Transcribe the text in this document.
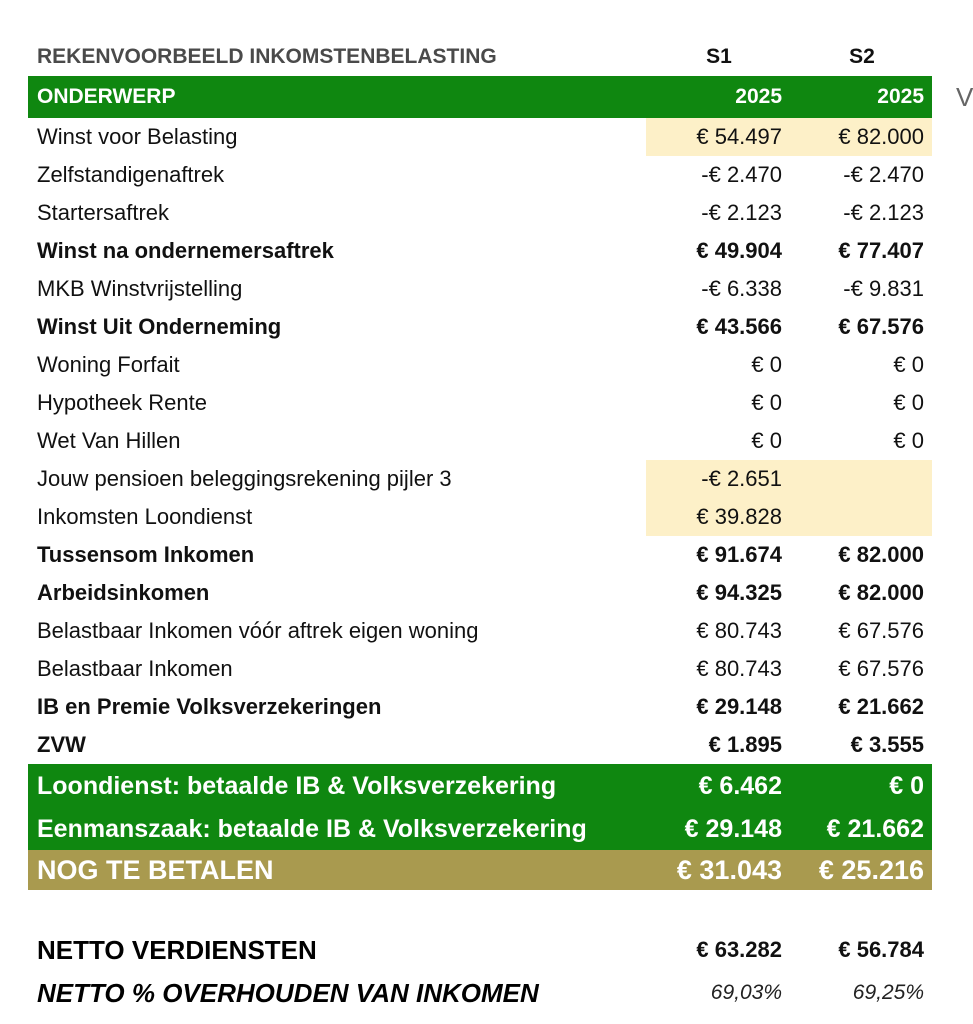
REKENVOORBEELD INKOMSTENBELASTING	S1	S2
ONDERWERP	2025	2025	V
Winst voor Belasting	€ 54.497	€ 82.000
Zelfstandigenaftrek	-€ 2.470	-€ 2.470
Startersaftrek	-€ 2.123	-€ 2.123
Winst na ondernemersaftrek	€ 49.904	€ 77.407
MKB Winstvrijstelling	-€ 6.338	-€ 9.831
Winst Uit Onderneming	€ 43.566	€ 67.576
Woning Forfait	€ 0	€ 0
Hypotheek Rente	€ 0	€ 0
Wet Van Hillen	€ 0	€ 0
Jouw pensioen beleggingsrekening pijler 3	-€ 2.651
Inkomsten Loondienst	€ 39.828
Tussensom Inkomen	€ 91.674	€ 82.000
Arbeidsinkomen	€ 94.325	€ 82.000
Belastbaar Inkomen vóór aftrek eigen woning	€ 80.743	€ 67.576
Belastbaar Inkomen	€ 80.743	€ 67.576
IB en Premie Volksverzekeringen	€ 29.148	€ 21.662
ZVW	€ 1.895	€ 3.555
Loondienst: betaalde IB & Volksverzekering	€ 6.462	€ 0
Eenmanszaak: betaalde IB & Volksverzekering	€ 29.148	€ 21.662
NOG TE BETALEN	€ 31.043	€ 25.216
NETTO VERDIENSTEN	€ 63.282	€ 56.784
NETTO % OVERHOUDEN VAN INKOMEN	69,03%	69,25%
